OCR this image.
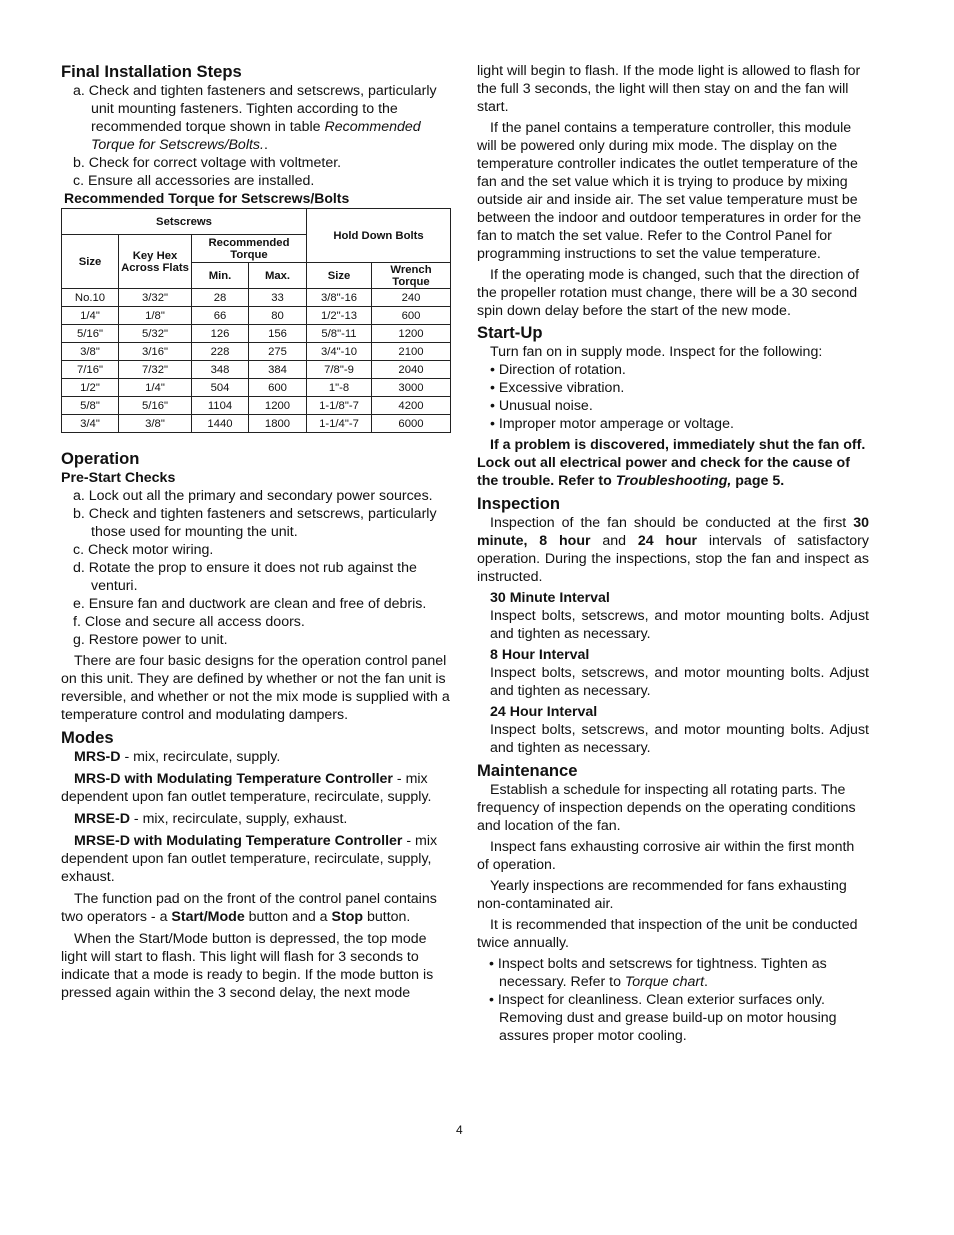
Final Installation Steps

a. Check and tighten fasteners and setscrews, particularly unit mounting fasteners. Tighten according to the recommended torque shown in table Recommended Torque for Setscrews/Bolts..

b. Check for correct voltage with voltmeter.

c. Ensure all accessories are installed.

Recommended Torque for Setscrews/Bolts
Setscrews				Hold Down Bolts	
Size	Key Hex Across Flats	Recommended Torque			
		Min.	Max.	Size	Wrench Torque
No.10	3/32"	28	33	3/8"-16	240
1/4"	1/8"	66	80	1/2"-13	600
5/16"	5/32"	126	156	5/8"-11	1200
3/8"	3/16"	228	275	3/4"-10	2100
7/16"	7/32"	348	384	7/8"-9	2040
1/2"	1/4"	504	600	1"-8	3000
5/8"	5/16"	1104	1200	1-1/8"-7	4200
3/4"	3/8"	1440	1800	1-1/4"-7	6000
Operation
Pre-Start Checks

a. Lock out all the primary and secondary power sources.

b. Check and tighten fasteners and setscrews, particularly those used for mounting the unit.

c. Check motor wiring.

d. Rotate the prop to ensure it does not rub against the venturi.

e. Ensure fan and ductwork are clean and free of debris.

f. Close and secure all access doors.

g. Restore power to unit.

There are four basic designs for the operation control panel on this unit. They are defined by whether or not the fan unit is reversible, and whether or not the mix mode is supplied with a temperature control and modulating dampers.

Modes

MRS-D - mix, recirculate, supply.

MRS-D with Modulating Temperature Controller - mix dependent upon fan outlet temperature, recirculate, supply.

MRSE-D - mix, recirculate, supply, exhaust.

MRSE-D with Modulating Temperature Controller - mix dependent upon fan outlet temperature, recirculate, supply, exhaust.

The function pad on the front of the control panel contains two operators - a Start/Mode button and a Stop button.

When the Start/Mode button is depressed, the top mode light will start to flash. This light will flash for 3 seconds to indicate that a mode is ready to begin. If the mode button is pressed again within the 3 second delay, the next mode

light will begin to flash. If the mode light is allowed to flash for the full 3 seconds, the light will then stay on and the fan will start.

If the panel contains a temperature controller, this module will be powered only during mix mode. The display on the temperature controller indicates the outlet temperature of the fan and the set value which it is trying to produce by mixing outside air and inside air. The set value temperature must be between the indoor and outdoor temperatures in order for the fan to match the set value. Refer to the Control Panel for programming instructions to set the value temperature.

If the operating mode is changed, such that the direction of the propeller rotation must change, there will be a 30 second spin down delay before the start of the new mode.

Start-Up

Turn fan on in supply mode. Inspect for the following:

• Direction of rotation.

• Excessive vibration.

• Unusual noise.

• Improper motor amperage or voltage.

If a problem is discovered, immediately shut the fan off. Lock out all electrical power and check for the cause of the trouble. Refer to Troubleshooting, page 5.

Inspection

Inspection of the fan should be conducted at the first 30 minute, 8 hour and 24 hour intervals of satisfactory operation. During the inspections, stop the fan and inspect as instructed.

30 Minute Interval

Inspect bolts, setscrews, and motor mounting bolts. Adjust and tighten as necessary.

8 Hour Interval

Inspect bolts, setscrews, and motor mounting bolts. Adjust and tighten as necessary.

24 Hour Interval

Inspect bolts, setscrews, and motor mounting bolts. Adjust and tighten as necessary.

Maintenance

Establish a schedule for inspecting all rotating parts. The frequency of inspection depends on the operating conditions and location of the fan.

Inspect fans exhausting corrosive air within the first month of operation.

Yearly inspections are recommended for fans exhausting non-contaminated air.

It is recommended that inspection of the unit be conducted twice annually.

• Inspect bolts and setscrews for tightness. Tighten as necessary. Refer to Torque chart.

• Inspect for cleanliness. Clean exterior surfaces only. Removing dust and grease build-up on motor housing assures proper motor cooling.

4
